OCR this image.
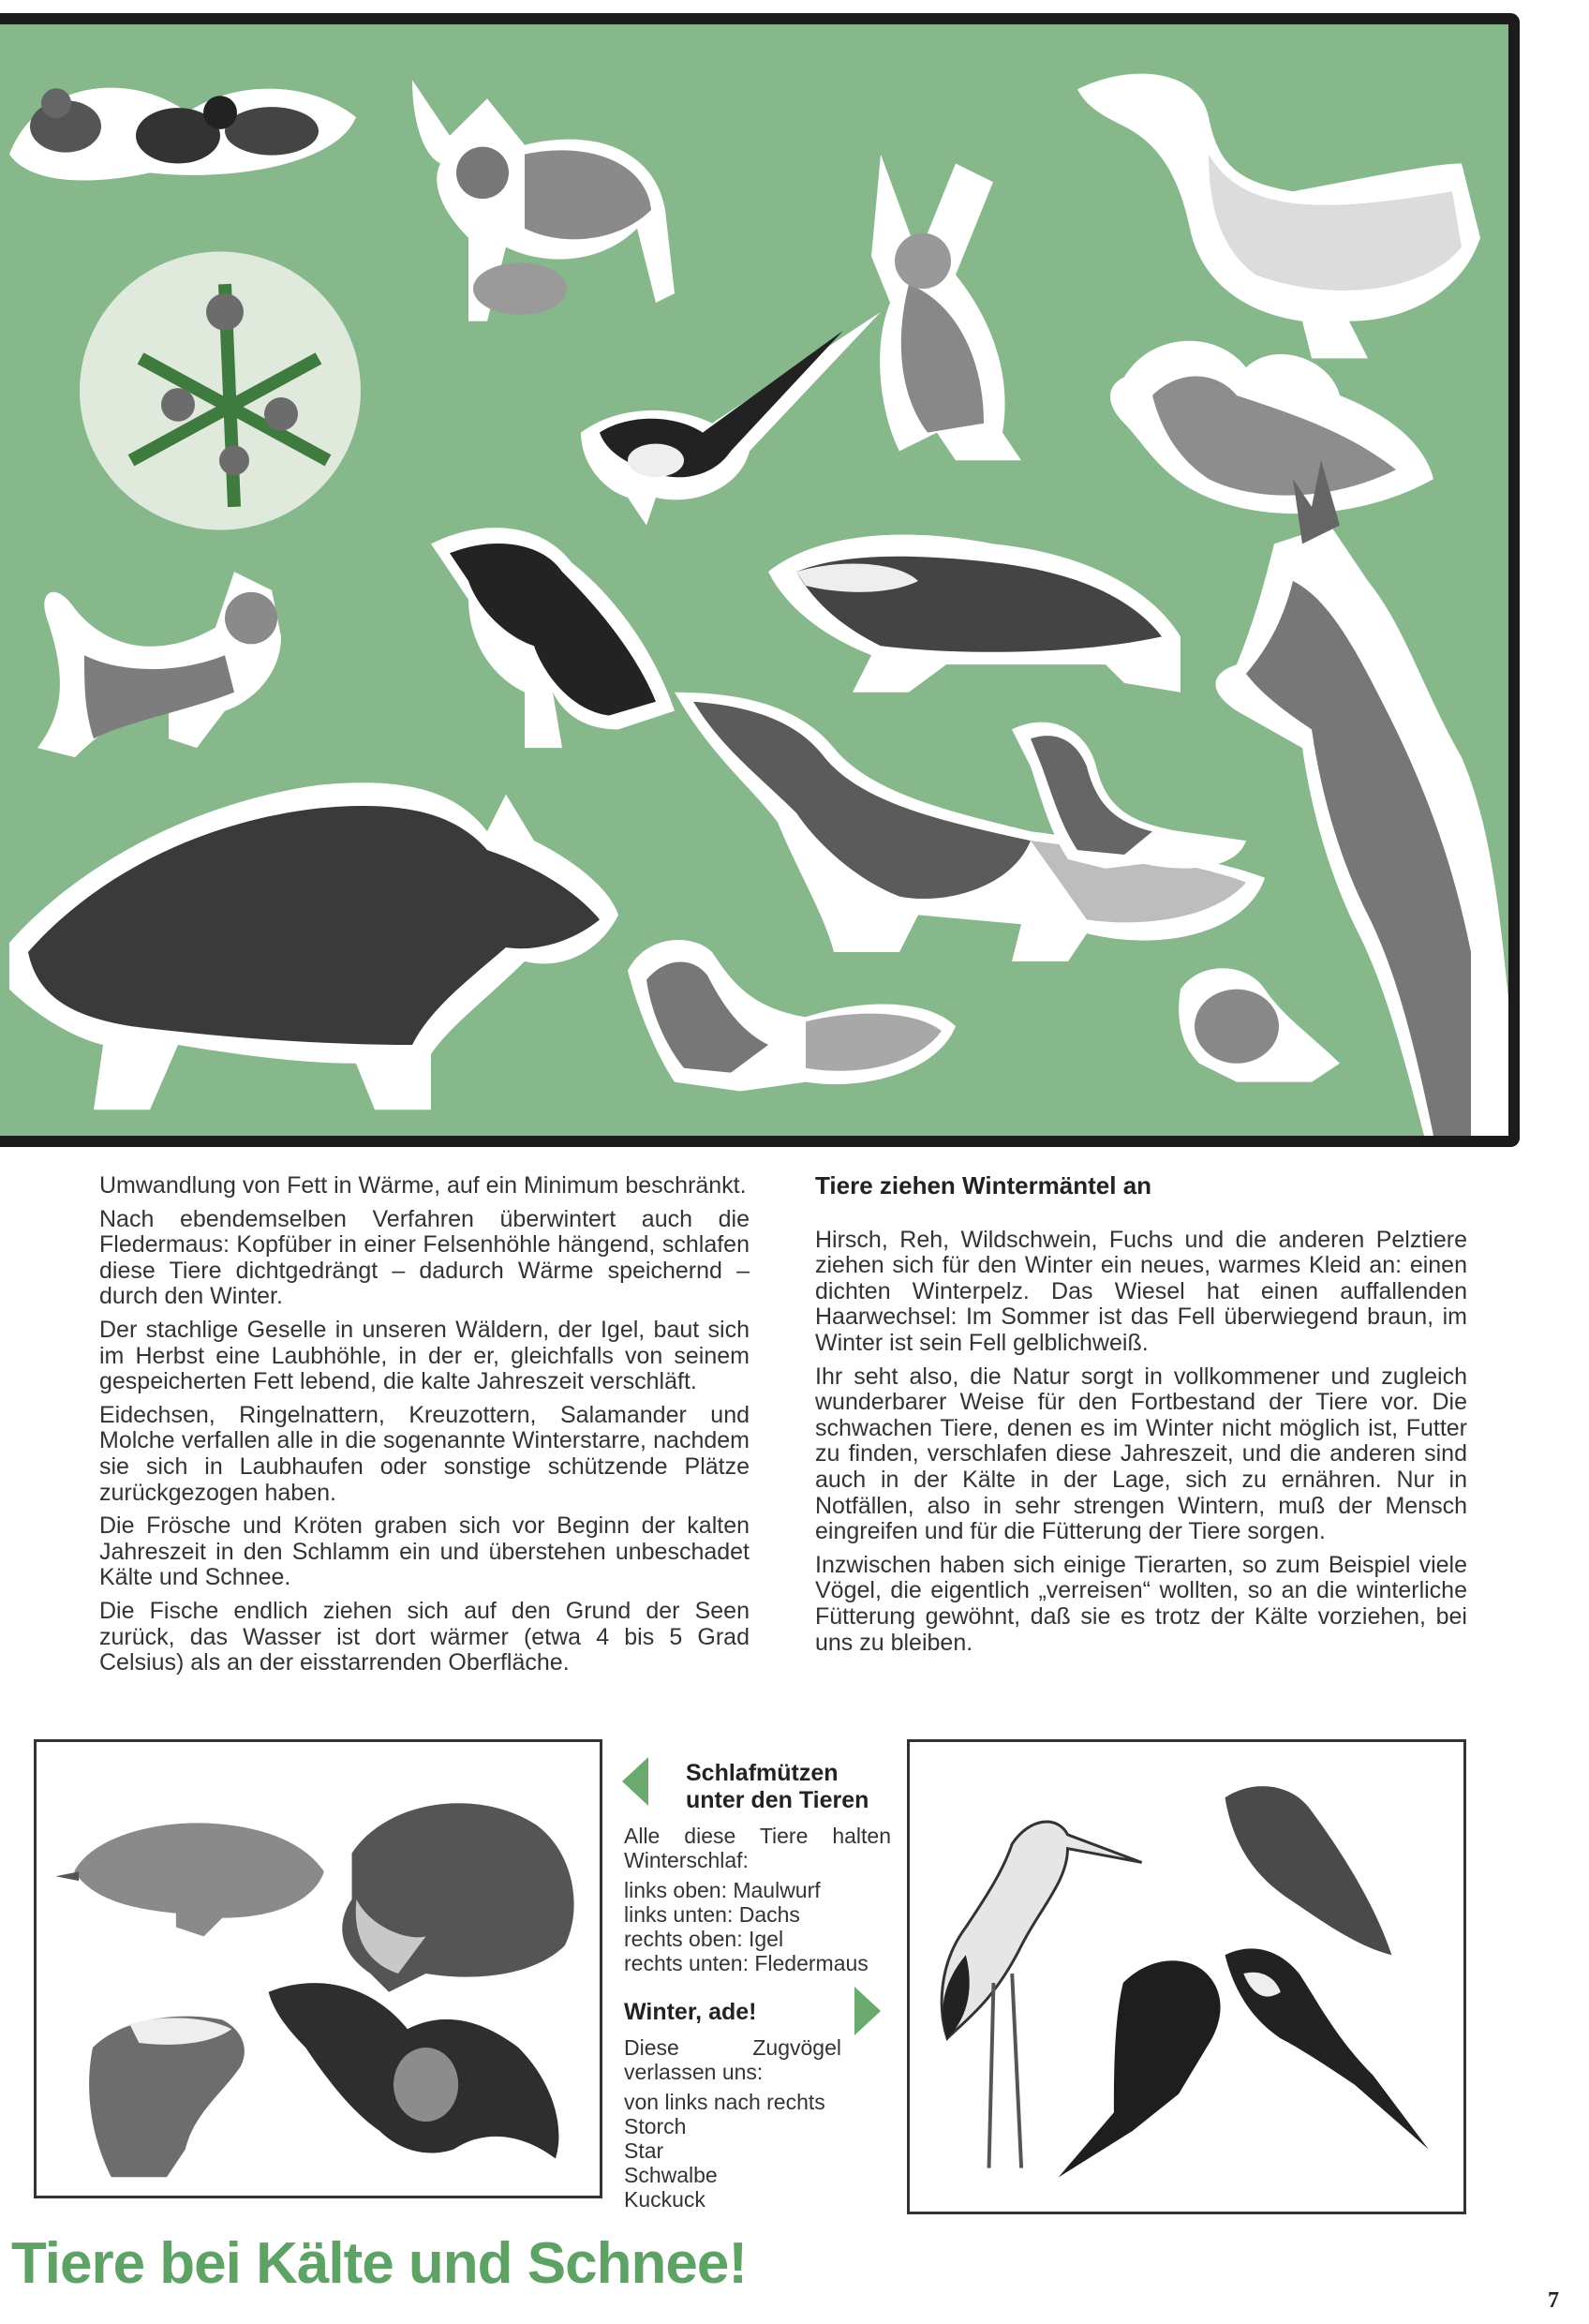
Umwandlung von Fett in Wärme, auf ein Minimum beschränkt.

Nach ebendemselben Verfahren überwintert auch die Fledermaus: Kopfüber in einer Felsenhöhle hängend, schlafen diese Tiere dichtgedrängt – dadurch Wärme speichernd – durch den Winter.

Der stachlige Geselle in unseren Wäldern, der Igel, baut sich im Herbst eine Laubhöhle, in der er, gleichfalls von seinem gespeicherten Fett lebend, die kalte Jahreszeit verschläft.

Eidechsen, Ringelnattern, Kreuzottern, Salamander und Molche verfallen alle in die sogenannte Winterstarre, nachdem sie sich in Laubhaufen oder sonstige schützende Plätze zurückgezogen haben.

Die Frösche und Kröten graben sich vor Beginn der kalten Jahreszeit in den Schlamm ein und überstehen unbeschadet Kälte und Schnee.

Die Fische endlich ziehen sich auf den Grund der Seen zurück, das Wasser ist dort wärmer (etwa 4 bis 5 Grad Celsius) als an der eisstarrenden Oberfläche.

Tiere ziehen Wintermäntel an

Hirsch, Reh, Wildschwein, Fuchs und die anderen Pelztiere ziehen sich für den Winter ein neues, warmes Kleid an: einen dichten Winterpelz. Das Wiesel hat einen auffallenden Haarwechsel: Im Sommer ist das Fell überwiegend braun, im Winter ist sein Fell gelblichweiß.

Ihr seht also, die Natur sorgt in vollkommener und zugleich wunderbarer Weise für den Fortbestand der Tiere vor. Die schwachen Tiere, denen es im Winter nicht möglich ist, Futter zu finden, verschlafen diese Jahreszeit, und die anderen sind auch in der Kälte in der Lage, sich zu ernähren. Nur in Notfällen, also in sehr strengen Wintern, muß der Mensch eingreifen und für die Fütterung der Tiere sorgen.

Inzwischen haben sich einige Tierarten, so zum Beispiel viele Vögel, die eigentlich „verreisen“ wollten, so an die winterliche Fütterung gewöhnt, daß sie es trotz der Kälte vorziehen, bei uns zu bleiben.

Schlafmützen
unter den Tieren
Alle diese Tiere halten Winterschlaf:
links oben: Maulwurf
links unten: Dachs
rechts oben: Igel
rechts unten: Fledermaus
Winter, ade!
Diese Zugvögel verlassen uns:
von links nach rechts
Storch
Star
Schwalbe
Kuckuck
Tiere bei Kälte und Schnee!
7
